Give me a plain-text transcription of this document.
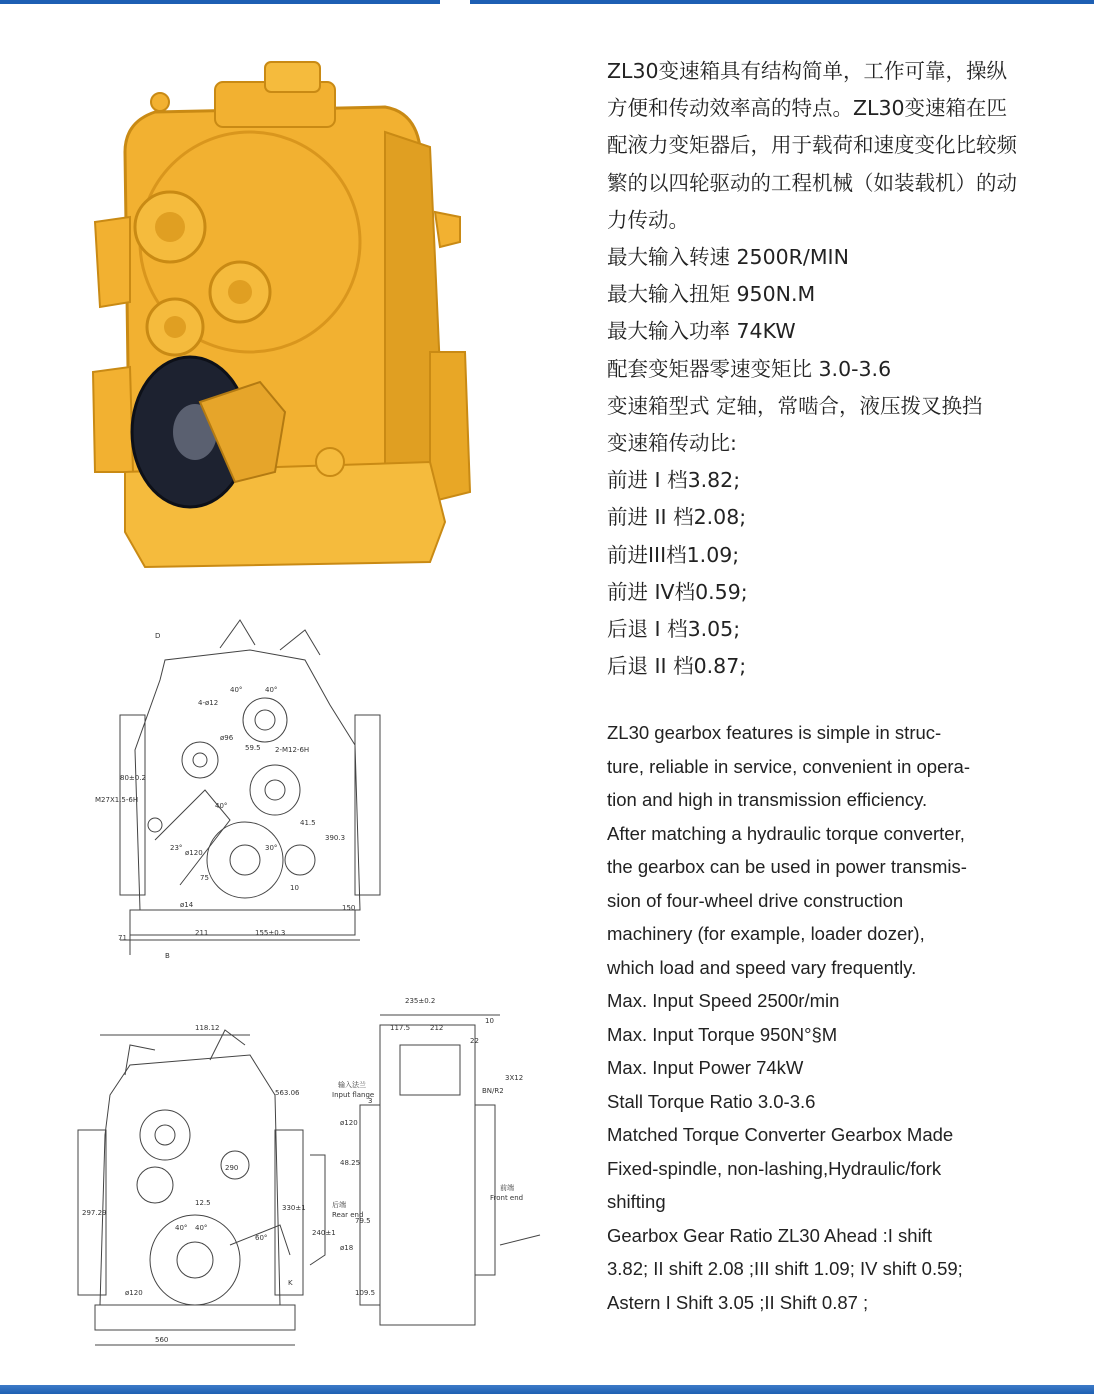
D
4-ø12
ø96
40°	40°
59.5 2-M12-6H
80±0.2
M27X1.5-6H
40°
41.5
390.3
23°
ø120
30°
75
ø14
211	155±0.3
71
B
10
150
118.12
235±0.2
117.5	212
10
22
3X12
563.06
输入法兰
Input flange
3
ø120
48.25
290
12.5
330±1
297.29
40° 40°
60°
前端
Front end
后端
Rear end
79.5
240±1
ø18
ø120
560
109.5
K
BN/R2

ZL30变速箱具有结构简单，工作可靠，操纵方便和传动效率高的特点。ZL30变速箱在匹配液力变矩器后，用于载荷和速度变化比较频繁的以四轮驱动的工程机械（如装载机）的动力传动。

最大输入转速 2500R/MIN

最大输入扭矩 950N.M

最大输入功率 74KW

配套变矩器零速变矩比 3.0-3.6

变速箱型式 定轴，常啮合，液压拨叉换挡

变速箱传动比:

前进 I 档3.82;

前进 II 档2.08;

前进III档1.09;

前进 IV档0.59;

后退 I 档3.05;

后退 II 档0.87;

ZL30 gearbox features is simple in struc-

ture, reliable in service, convenient in opera-

tion and high in transmission efficiency.

After matching a hydraulic torque converter,

the gearbox can be used in power transmis-

sion of four-wheel drive construction

machinery (for example, loader dozer),

which load and speed vary frequently.

Max. Input Speed 2500r/min

Max. Input Torque 950N°§M

Max. Input Power 74kW

Stall Torque Ratio 3.0-3.6

Matched Torque Converter Gearbox Made

Fixed-spindle, non-lashing,Hydraulic/fork

shifting

Gearbox Gear Ratio ZL30 Ahead :I shift

3.82; II shift 2.08 ;III shift 1.09; IV shift 0.59;

Astern I Shift 3.05 ;II Shift 0.87 ;
